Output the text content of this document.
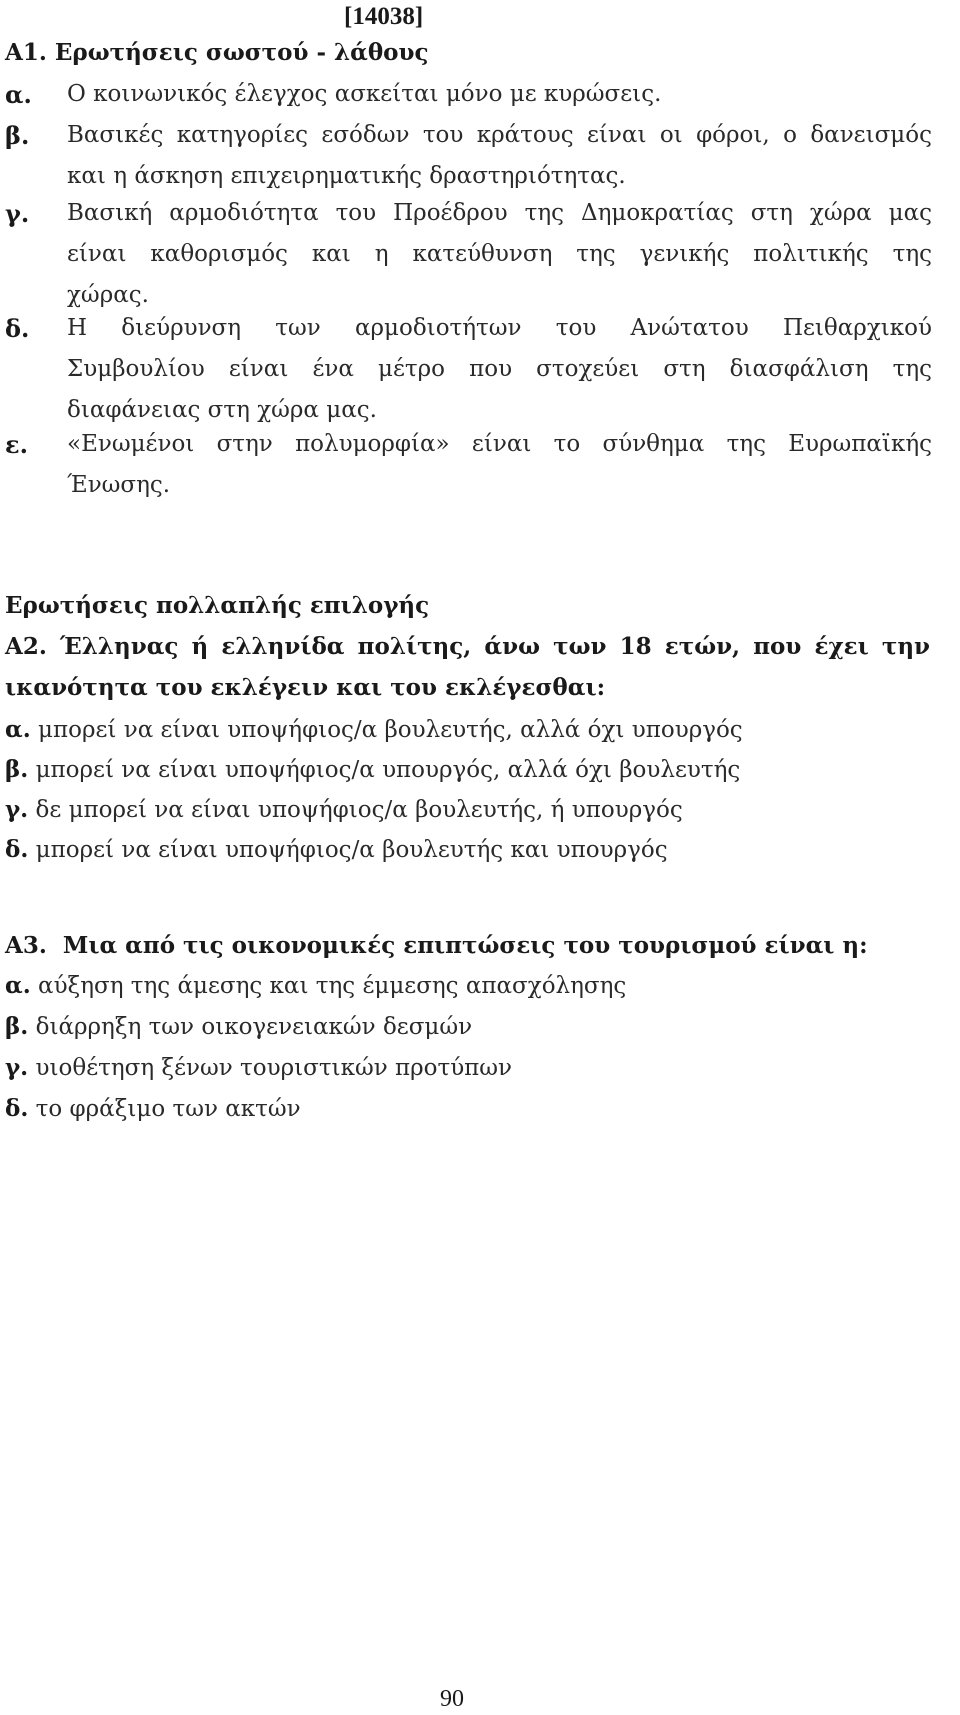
[14038]
Α1. Ερωτήσεις σωστού - λάθους
α.	Ο κοινωνικός έλεγχος ασκείται μόνο με κυρώσεις.
β.	Βασικές κατηγορίες εσόδων του κράτους είναι οι φόροι, ο δανεισμός
και η άσκηση επιχειρηματικής δραστηριότητας.
γ.	Βασική αρμοδιότητα του Προέδρου της Δημοκρατίας στη χώρα μας
είναι καθορισμός και η κατεύθυνση της γενικής πολιτικής της
χώρας.
δ.	Η διεύρυνση των αρμοδιοτήτων του Ανώτατου Πειθαρχικού
Συμβουλίου είναι ένα μέτρο που στοχεύει στη διασφάλιση της
διαφάνειας στη χώρα μας.
ε.	«Ενωμένοι στην πολυμορφία» είναι το σύνθημα της Ευρωπαϊκής
Ένωσης.
Ερωτήσεις πολλαπλής επιλογής
Α2. Έλληνας ή ελληνίδα πολίτης, άνω των 18 ετών, που έχει την
ικανότητα του εκλέγειν και του εκλέγεσθαι:
α. μπορεί να είναι υποψήφιος/α βουλευτής, αλλά όχι υπουργός
β. μπορεί να είναι υποψήφιος/α υπουργός, αλλά όχι βουλευτής
γ. δε μπορεί να είναι υποψήφιος/α βουλευτής, ή υπουργός
δ. μπορεί να είναι υποψήφιος/α βουλευτής και υπουργός
Α3.  Μια από τις οικονομικές επιπτώσεις του τουρισμού είναι η:
α. αύξηση της άμεσης και της έμμεσης απασχόλησης
β. διάρρηξη των οικογενειακών δεσμών
γ. υιοθέτηση ξένων τουριστικών προτύπων
δ. το φράξιμο των ακτών
90
